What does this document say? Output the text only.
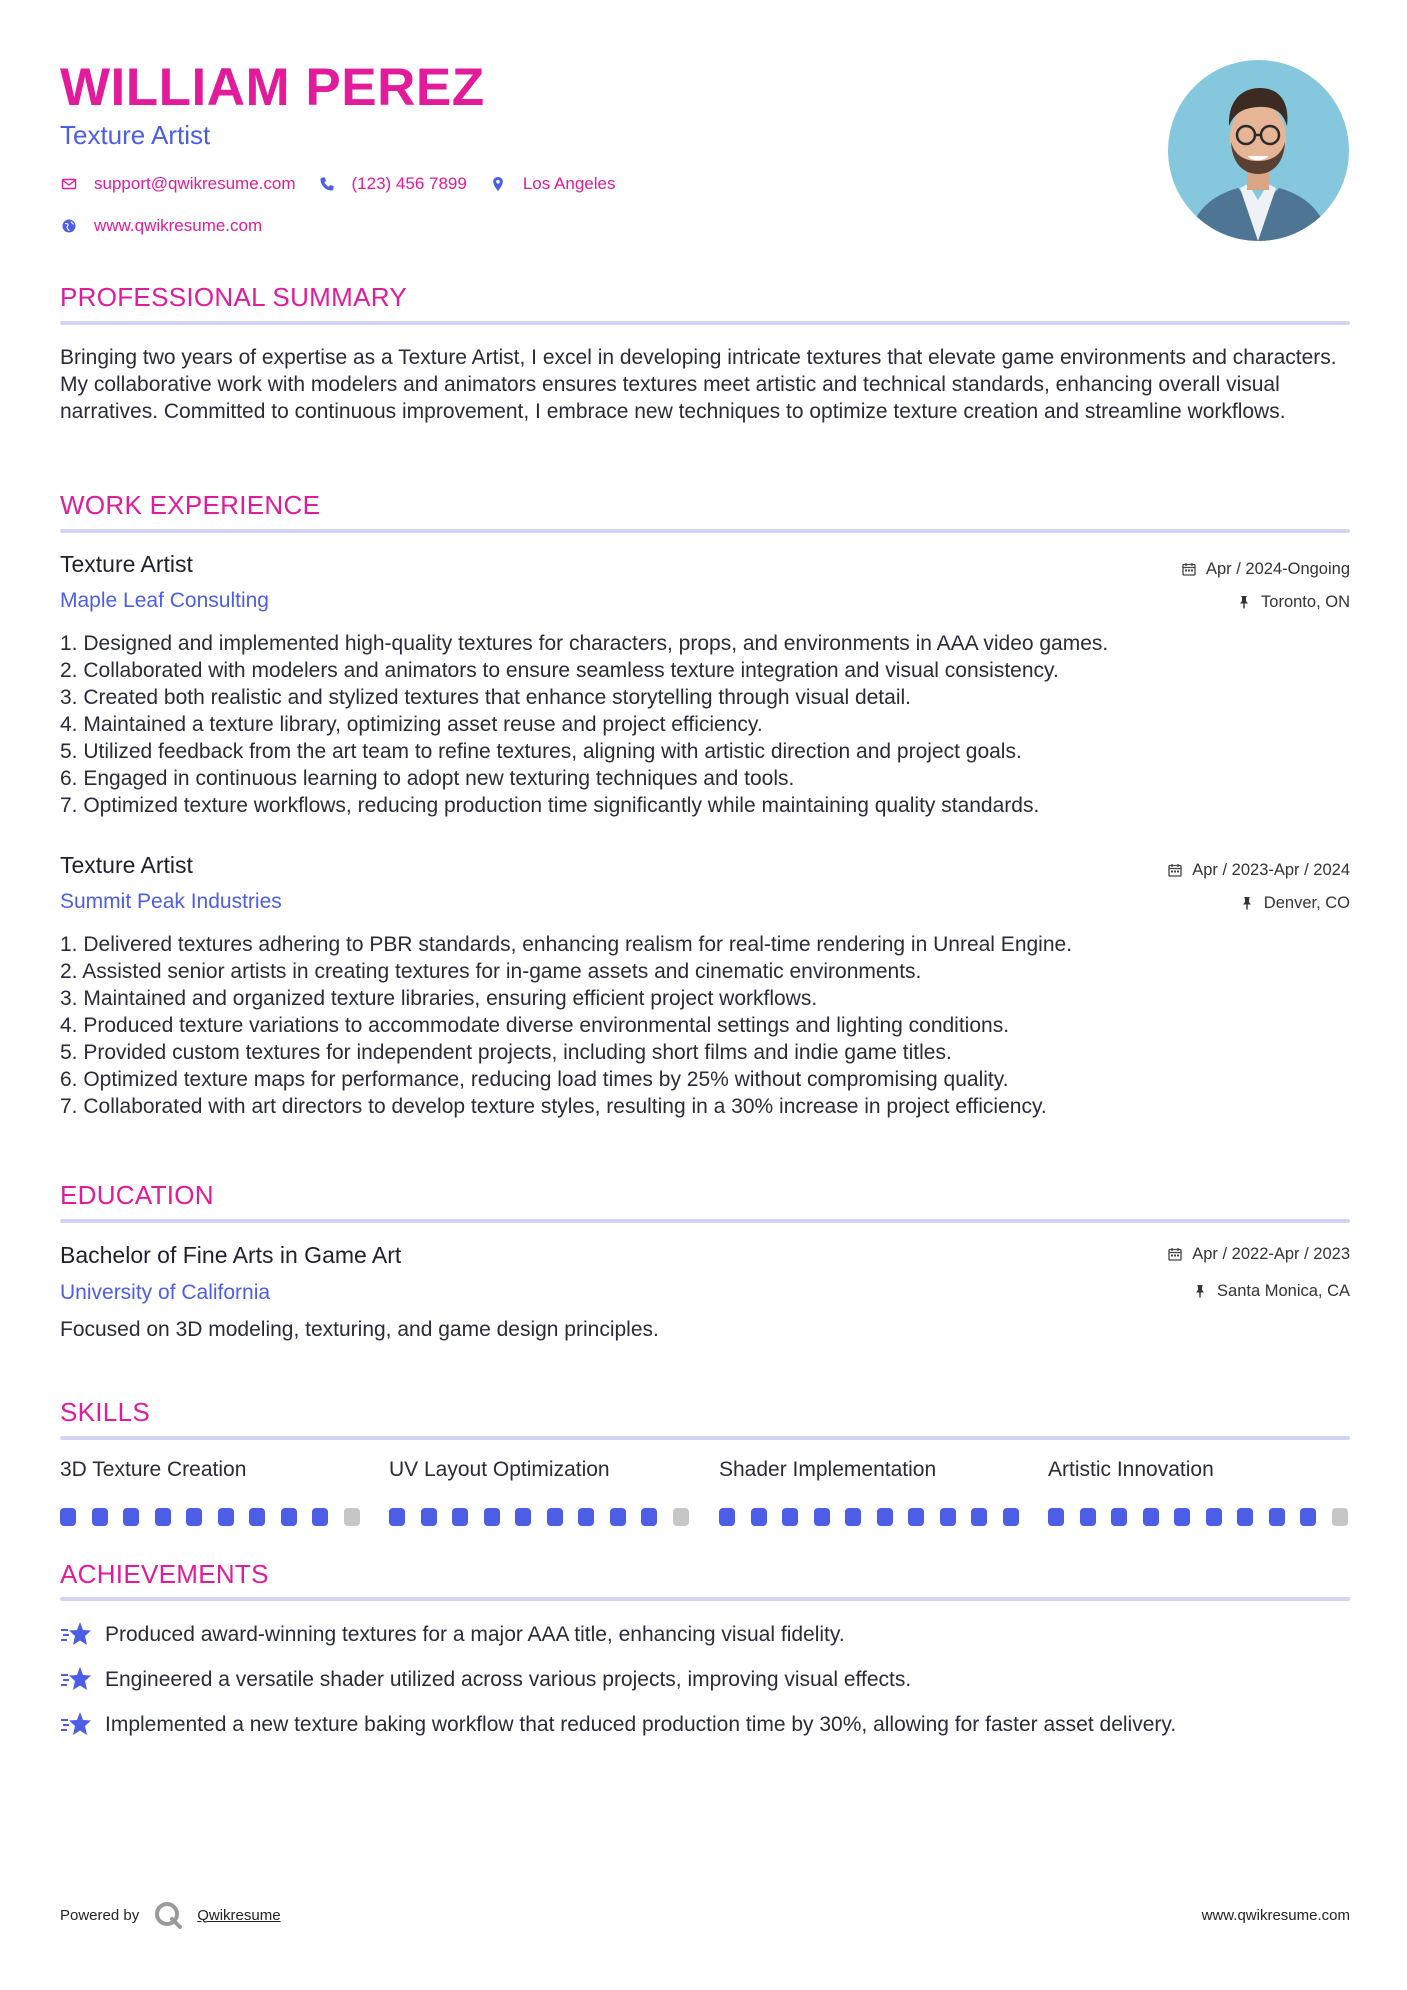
WILLIAM PEREZ
Texture Artist
support@qwikresume.com	(123) 456 7899	Los Angeles
www.qwikresume.com
PROFESSIONAL SUMMARY
Bringing two years of expertise as a Texture Artist, I excel in developing intricate textures that elevate game environments and characters. My collaborative work with modelers and animators ensures textures meet artistic and technical standards, enhancing overall visual narratives. Committed to continuous improvement, I embrace new techniques to optimize texture creation and streamline workflows.
WORK EXPERIENCE
Texture Artist
Maple Leaf Consulting
Apr / 2024-Ongoing
Toronto, ON
1. Designed and implemented high-quality textures for characters, props, and environments in AAA video games.
2. Collaborated with modelers and animators to ensure seamless texture integration and visual consistency.
3. Created both realistic and stylized textures that enhance storytelling through visual detail.
4. Maintained a texture library, optimizing asset reuse and project efficiency.
5. Utilized feedback from the art team to refine textures, aligning with artistic direction and project goals.
6. Engaged in continuous learning to adopt new texturing techniques and tools.
7. Optimized texture workflows, reducing production time significantly while maintaining quality standards.
Texture Artist
Summit Peak Industries
Apr / 2023-Apr / 2024
Denver, CO
1. Delivered textures adhering to PBR standards, enhancing realism for real-time rendering in Unreal Engine.
2. Assisted senior artists in creating textures for in-game assets and cinematic environments.
3. Maintained and organized texture libraries, ensuring efficient project workflows.
4. Produced texture variations to accommodate diverse environmental settings and lighting conditions.
5. Provided custom textures for independent projects, including short films and indie game titles.
6. Optimized texture maps for performance, reducing load times by 25% without compromising quality.
7. Collaborated with art directors to develop texture styles, resulting in a 30% increase in project efficiency.
EDUCATION
Bachelor of Fine Arts in Game Art
University of California
Apr / 2022-Apr / 2023
Santa Monica, CA
Focused on 3D modeling, texturing, and game design principles.
SKILLS
3D Texture Creation	UV Layout Optimization	Shader Implementation	Artistic Innovation
ACHIEVEMENTS
Produced award-winning textures for a major AAA title, enhancing visual fidelity.
Engineered a versatile shader utilized across various projects, improving visual effects.
Implemented a new texture baking workflow that reduced production time by 30%, allowing for faster asset delivery.
Powered by	Qwikresume	www.qwikresume.com
